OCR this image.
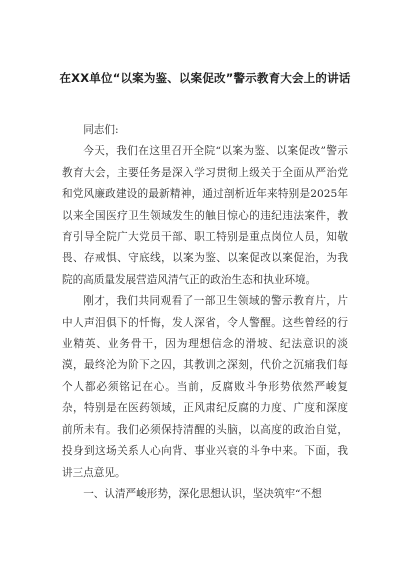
在XX单位“以案为鉴、以案促改”警示教育大会上的讲话

同志们:

今天，我们在这里召开全院“以案为鉴、以案促改”警示教育大会，主要任务是深入学习贯彻上级关于全面从严治党和党风廉政建设的最新精神，通过剖析近年来特别是2025年以来全国医疗卫生领域发生的触目惊心的违纪违法案件，教育引导全院广大党员干部、职工特别是重点岗位人员，知敬畏、存戒惧、守底线，以案为鉴、以案促改以案促治，为我院的高质量发展营造风清气正的政治生态和执业环境。

刚才，我们共同观看了一部卫生领域的警示教育片，片中人声泪俱下的忏悔，发人深省，令人警醒。这些曾经的行业精英、业务骨干，因为理想信念的滑坡、纪法意识的淡漠，最终沦为阶下之囚，其教训之深刻，代价之沉痛我们每个人都必须铭记在心。当前，反腐败斗争形势依然严峻复杂，特别是在医药领域，正风肃纪反腐的力度、广度和深度前所未有。我们必须保持清醒的头脑，以高度的政治自觉，投身到这场关系人心向背、事业兴衰的斗争中来。下面，我讲三点意见。

一、认清严峻形势，深化思想认识，坚决筑牢“不想
